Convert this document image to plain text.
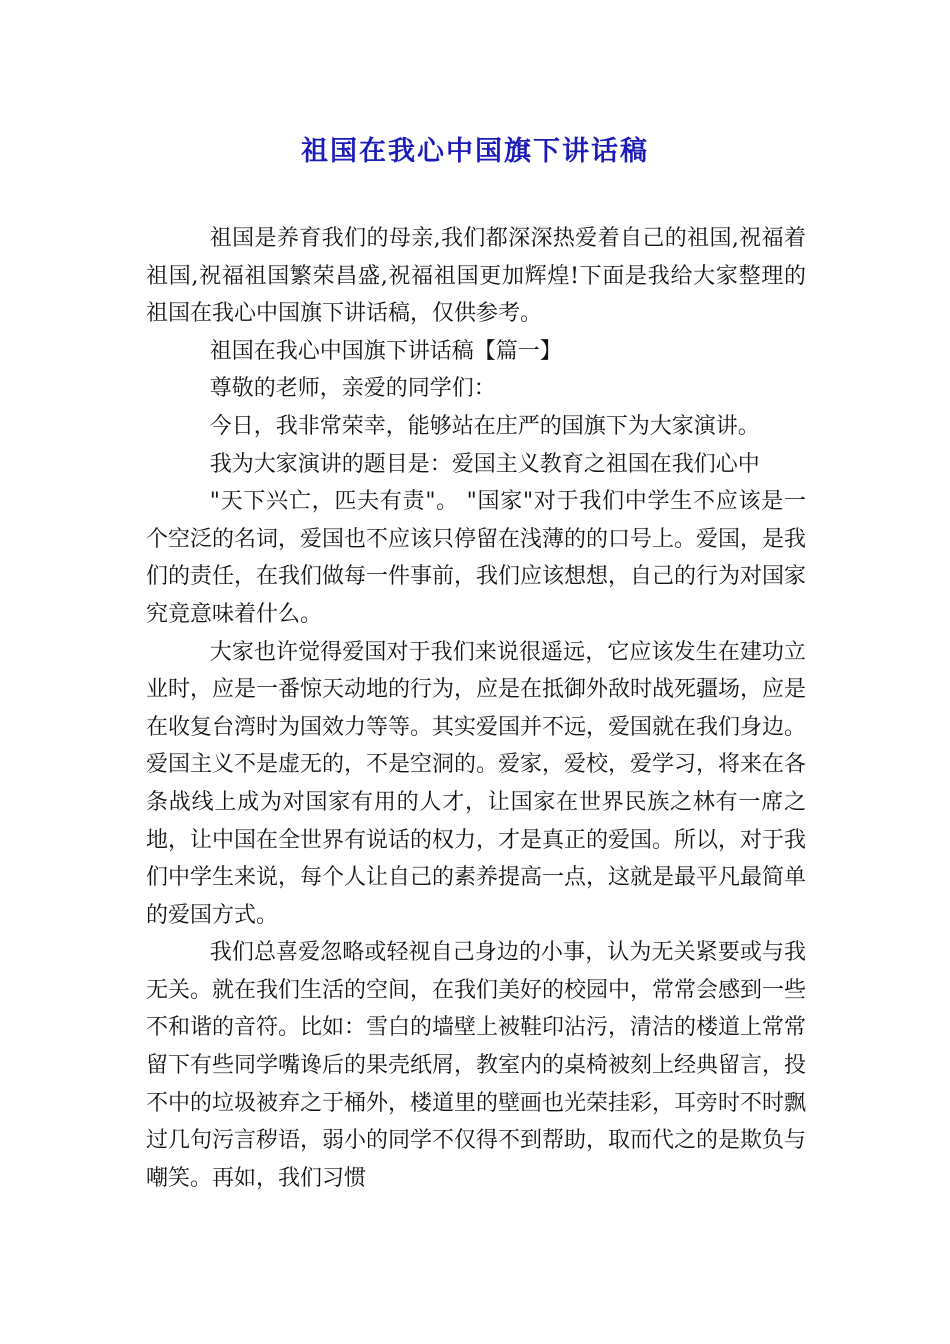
祖国在我心中国旗下讲话稿

祖国是养育我们的母亲,我们都深深热爱着自己的祖国,祝福着祖国,祝福祖国繁荣昌盛,祝福祖国更加辉煌!下面是我给大家整理的祖国在我心中国旗下讲话稿，仅供参考。

祖国在我心中国旗下讲话稿【篇一】

尊敬的老师，亲爱的同学们：

今日，我非常荣幸，能够站在庄严的国旗下为大家演讲。

我为大家演讲的题目是：爱国主义教育之祖国在我们心中

"天下兴亡，匹夫有责"。 "国家"对于我们中学生不应该是一个空泛的名词，爱国也不应该只停留在浅薄的的口号上。爱国，是我们的责任，在我们做每一件事前，我们应该想想，自己的行为对国家究竟意味着什么。

大家也许觉得爱国对于我们来说很遥远，它应该发生在建功立业时，应是一番惊天动地的行为，应是在抵御外敌时战死疆场，应是在收复台湾时为国效力等等。其实爱国并不远，爱国就在我们身边。爱国主义不是虚无的，不是空洞的。爱家，爱校，爱学习，将来在各条战线上成为对国家有用的人才，让国家在世界民族之林有一席之地，让中国在全世界有说话的权力，才是真正的爱国。所以，对于我们中学生来说，每个人让自己的素养提高一点，这就是最平凡最简单的爱国方式。

我们总喜爱忽略或轻视自己身边的小事，认为无关紧要或与我无关。就在我们生活的空间，在我们美好的校园中，常常会感到一些不和谐的音符。比如：雪白的墙壁上被鞋印沾污，清洁的楼道上常常留下有些同学嘴谗后的果壳纸屑，教室内的桌椅被刻上经典留言，投不中的垃圾被弃之于桶外，楼道里的壁画也光荣挂彩，耳旁时不时飘过几句污言秽语，弱小的同学不仅得不到帮助，取而代之的是欺负与嘲笑。再如，我们习惯
